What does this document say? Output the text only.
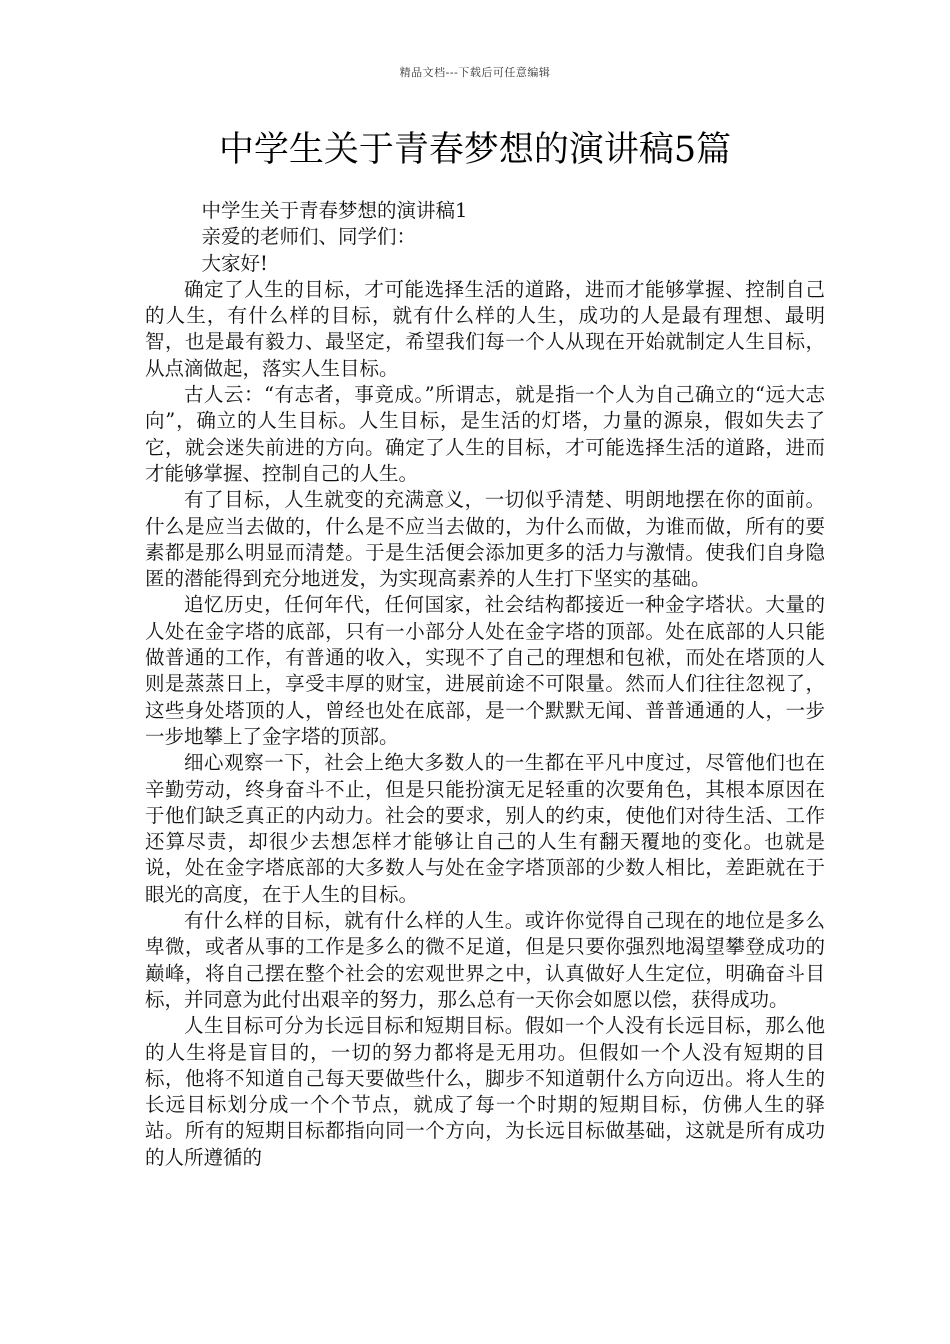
精品文档---下载后可任意编辑
中学生关于青春梦想的演讲稿5篇

中学生关于青春梦想的演讲稿1

亲爱的老师们、同学们：

大家好!

确定了人生的目标，才可能选择生活的道路，进而才能够掌握、控制自己的人生，有什么样的目标，就有什么样的人生，成功的人是最有理想、最明智，也是最有毅力、最坚定，希望我们每一个人从现在开始就制定人生目标，从点滴做起，落实人生目标。

古人云：“有志者，事竟成。”所谓志，就是指一个人为自己确立的“远大志向”，确立的人生目标。人生目标，是生活的灯塔，力量的源泉，假如失去了它，就会迷失前进的方向。确定了人生的目标，才可能选择生活的道路，进而才能够掌握、控制自己的人生。

有了目标，人生就变的充满意义，一切似乎清楚、明朗地摆在你的面前。什么是应当去做的，什么是不应当去做的，为什么而做，为谁而做，所有的要素都是那么明显而清楚。于是生活便会添加更多的活力与激情。使我们自身隐匿的潜能得到充分地迸发，为实现高素养的人生打下坚实的基础。

追忆历史，任何年代，任何国家，社会结构都接近一种金字塔状。大量的人处在金字塔的底部，只有一小部分人处在金字塔的顶部。处在底部的人只能做普通的工作，有普通的收入，实现不了自己的理想和包袱，而处在塔顶的人则是蒸蒸日上，享受丰厚的财宝，进展前途不可限量。然而人们往往忽视了，这些身处塔顶的人，曾经也处在底部，是一个默默无闻、普普通通的人，一步一步地攀上了金字塔的顶部。

细心观察一下，社会上绝大多数人的一生都在平凡中度过，尽管他们也在辛勤劳动，终身奋斗不止，但是只能扮演无足轻重的次要角色，其根本原因在于他们缺乏真正的内动力。社会的要求，别人的约束，使他们对待生活、工作还算尽责，却很少去想怎样才能够让自己的人生有翻天覆地的变化。也就是说，处在金字塔底部的大多数人与处在金字塔顶部的少数人相比，差距就在于眼光的高度，在于人生的目标。

有什么样的目标，就有什么样的人生。或许你觉得自己现在的地位是多么卑微，或者从事的工作是多么的微不足道，但是只要你强烈地渴望攀登成功的巅峰，将自己摆在整个社会的宏观世界之中，认真做好人生定位，明确奋斗目标，并同意为此付出艰辛的努力，那么总有一天你会如愿以偿，获得成功。

人生目标可分为长远目标和短期目标。假如一个人没有长远目标，那么他的人生将是盲目的，一切的努力都将是无用功。但假如一个人没有短期的目标，他将不知道自己每天要做些什么，脚步不知道朝什么方向迈出。将人生的长远目标划分成一个个节点，就成了每一个时期的短期目标，仿佛人生的驿站。所有的短期目标都指向同一个方向，为长远目标做基础，这就是所有成功的人所遵循的
